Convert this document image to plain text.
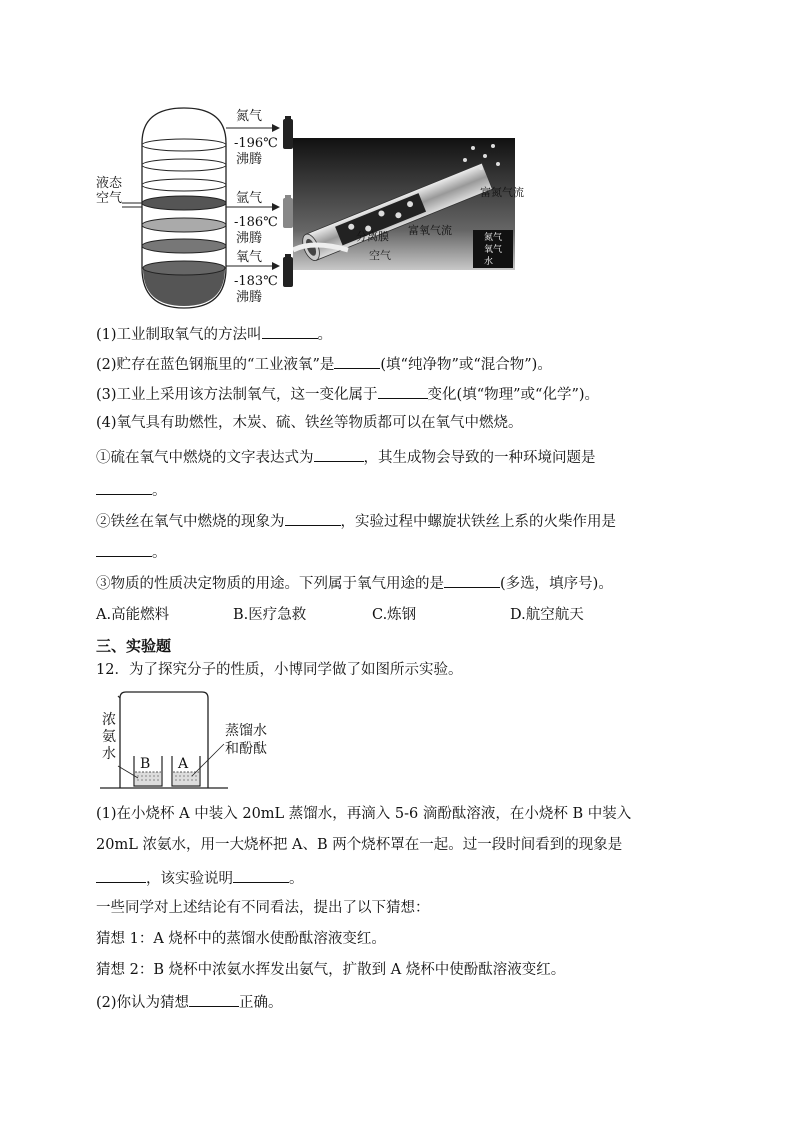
液态
空气
氮气
-196℃
沸腾
氩气
-186℃
沸腾
氧气
-183℃
沸腾
富氮气流
分离膜 富氧气流
空气
氮气
氧气
水
(1)工业制取氧气的方法叫	。
(2)贮存在蓝色钢瓶里的“工业液氧”是	(填“纯净物”或“混合物”)。
(3)工业上采用该方法制氧气，这一变化属于	变化(填“物理”或“化学”)。
(4)氧气具有助燃性，木炭、硫、铁丝等物质都可以在氧气中燃烧。
①硫在氧气中燃烧的文字表达式为	，其生成物会导致的一种环境问题是
。
②铁丝在氧气中燃烧的现象为	，实验过程中螺旋状铁丝上系的火柴作用是
。
③物质的性质决定物质的用途。下列属于氧气用途的是	(多选，填序号)。
A.高能燃料	B.医疗急救	C.炼钢	D.航空航天
三、实验题
12．为了探究分子的性质，小博同学做了如图所示实验。
浓
氨
水
蒸馏水
和酚酞
B A
(1)在小烧杯 A 中装入 20mL 蒸馏水，再滴入 5-6 滴酚酞溶液，在小烧杯 B 中装入
20mL 浓氨水，用一大烧杯把 A、B 两个烧杯罩在一起。过一段时间看到的现象是
，该实验说明	。
一些同学对上述结论有不同看法，提出了以下猜想：
猜想 1：A 烧杯中的蒸馏水使酚酞溶液变红。
猜想 2：B 烧杯中浓氨水挥发出氨气，扩散到 A 烧杯中使酚酞溶液变红。
(2)你认为猜想	正确。
